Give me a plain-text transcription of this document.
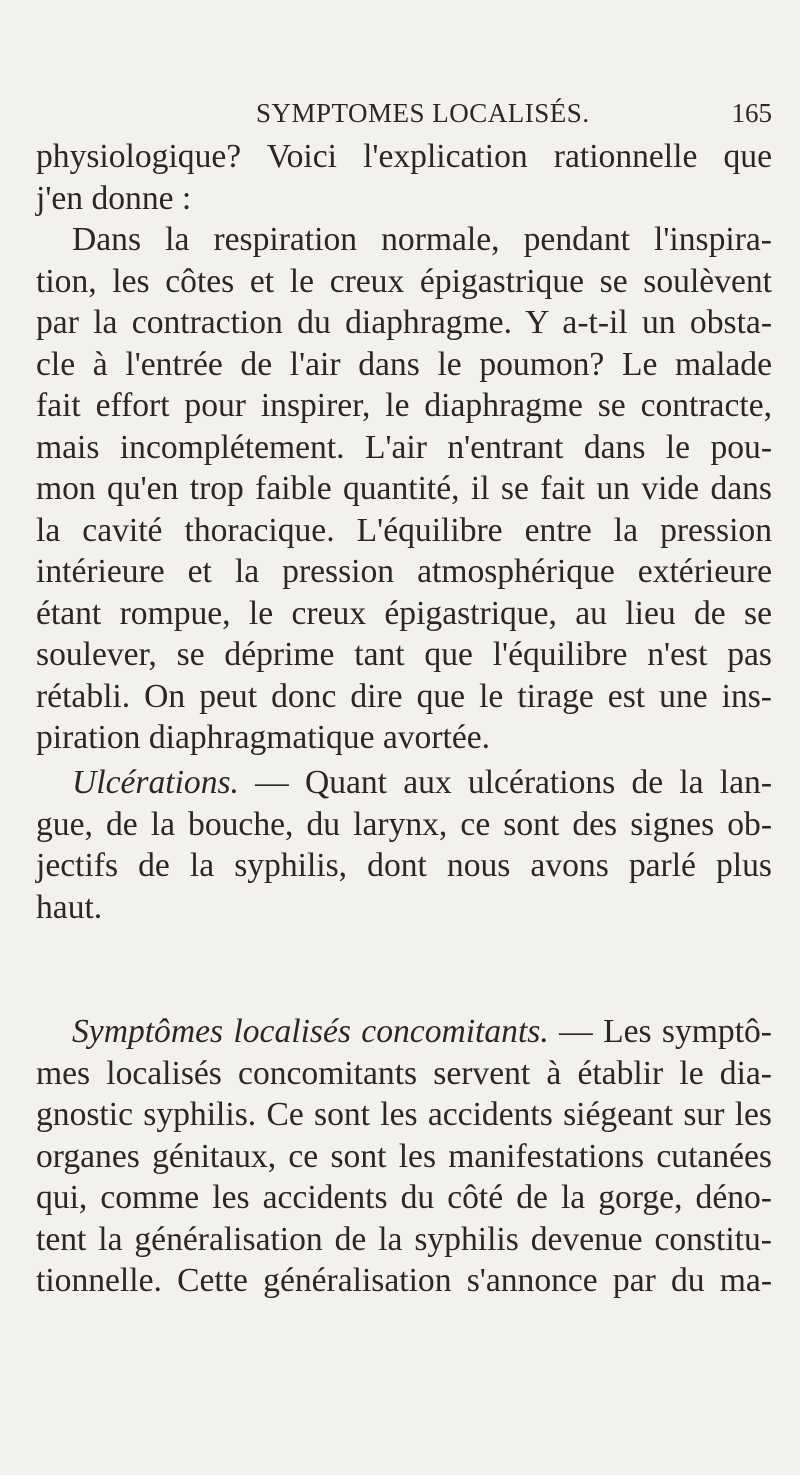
SYMPTOMES LOCALISÉS.	165
physiologique? Voici l'explication rationnelle que
j'en donne :
Dans la respiration normale, pendant l'inspira-
tion, les côtes et le creux épigastrique se soulèvent
par la contraction du diaphragme. Y a-t-il un obsta-
cle à l'entrée de l'air dans le poumon? Le malade
fait effort pour inspirer, le diaphragme se contracte,
mais incomplétement. L'air n'entrant dans le pou-
mon qu'en trop faible quantité, il se fait un vide dans
la cavité thoracique. L'équilibre entre la pression
intérieure et la pression atmosphérique extérieure
étant rompue, le creux épigastrique, au lieu de se
soulever, se déprime tant que l'équilibre n'est pas
rétabli. On peut donc dire que le tirage est une ins-
piration diaphragmatique avortée.
Ulcérations. — Quant aux ulcérations de la lan-
gue, de la bouche, du larynx, ce sont des signes ob-
jectifs de la syphilis, dont nous avons parlé plus
haut.
Symptômes localisés concomitants. — Les symptô-
mes localisés concomitants servent à établir le dia-
gnostic syphilis. Ce sont les accidents siégeant sur les
organes génitaux, ce sont les manifestations cutanées
qui, comme les accidents du côté de la gorge, déno-
tent la généralisation de la syphilis devenue constitu-
tionnelle. Cette généralisation s'annonce par du ma-
